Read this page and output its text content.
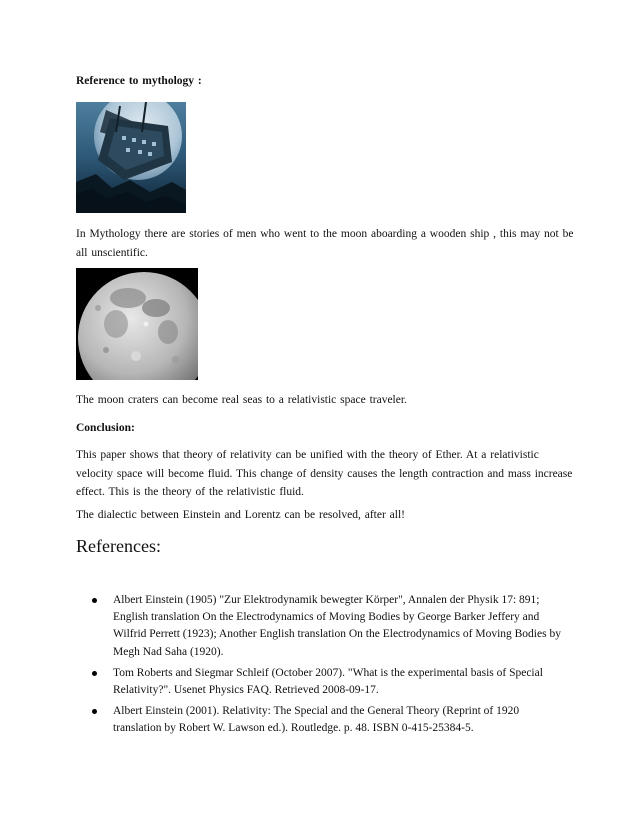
Reference to mythology :
In Mythology there are stories of men who went to the moon aboarding a wooden ship , this may not be all unscientific.
The moon craters can become real seas to a relativistic space traveler.
Conclusion:
This paper shows that theory of relativity can be unified with the theory of Ether. At a relativistic velocity space will become fluid. This change of density causes the length contraction and mass increase effect. This is the theory of the relativistic fluid.
The dialectic between Einstein and Lorentz can be resolved, after all!
References:
Albert Einstein (1905) "Zur Elektrodynamik bewegter Körper", Annalen der Physik 17: 891; English translation On the Electrodynamics of Moving Bodies by George Barker Jeffery and Wilfrid Perrett (1923); Another English translation On the Electrodynamics of Moving Bodies by Megh Nad Saha (1920).
Tom Roberts and Siegmar Schleif (October 2007). "What is the experimental basis of Special Relativity?". Usenet Physics FAQ. Retrieved 2008-09-17.
Albert Einstein (2001). Relativity: The Special and the General Theory (Reprint of 1920 translation by Robert W. Lawson ed.). Routledge. p. 48. ISBN 0-415-25384-5.
